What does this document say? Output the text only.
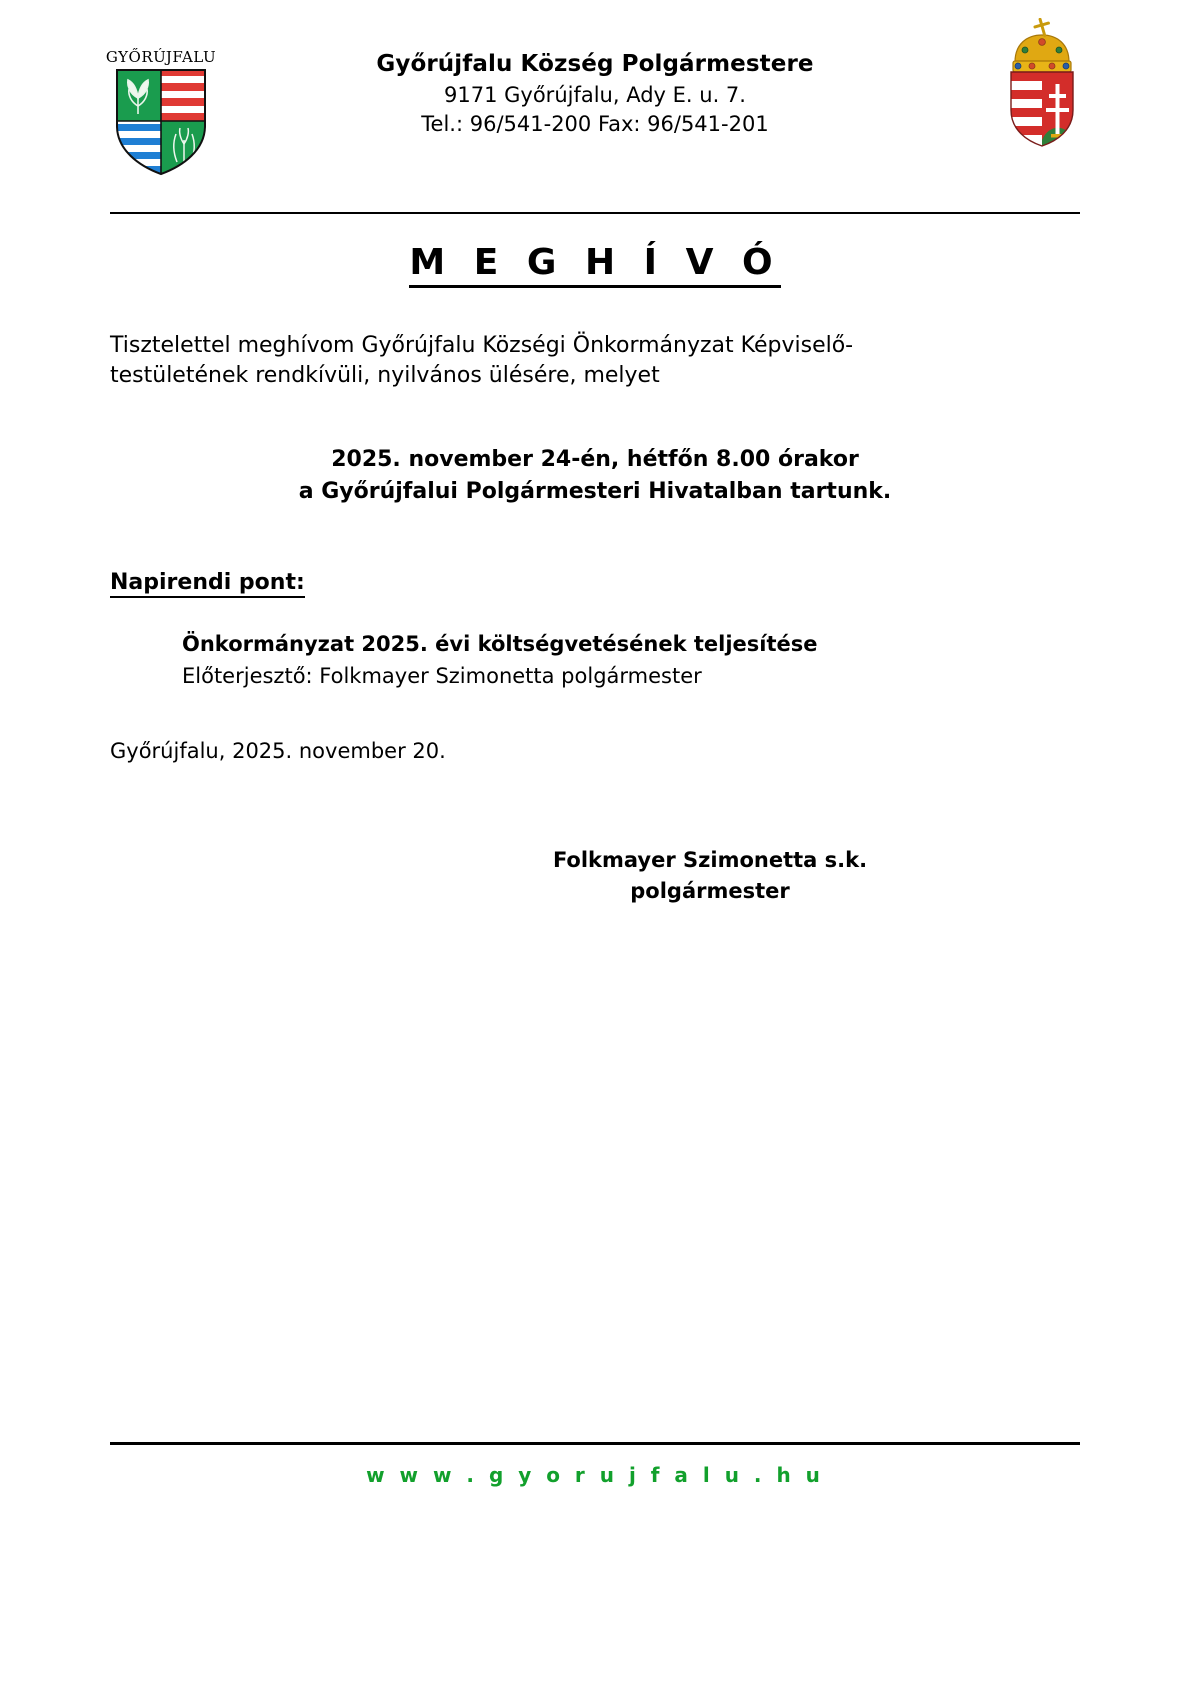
GYŐRÚJFALU	Győrújfalu Község Polgármestere
9171 Győrújfalu, Ady E. u. 7.
Tel.: 96/541-200 Fax: 96/541-201
M E G H Í V Ó
Tisztelettel meghívom Győrújfalu Községi Önkormányzat Képviselő-
testületének rendkívüli, nyilvános ülésére, melyet
2025. november 24-én, hétfőn 8.00 órakor
a Győrújfalui Polgármesteri Hivatalban tartunk.
Napirendi pont:
Önkormányzat 2025. évi költségvetésének teljesítése
Előterjesztő: Folkmayer Szimonetta polgármester
Győrújfalu, 2025. november 20.
Folkmayer Szimonetta s.k.
polgármester
w w w . g y o r u j f a l u . h u
